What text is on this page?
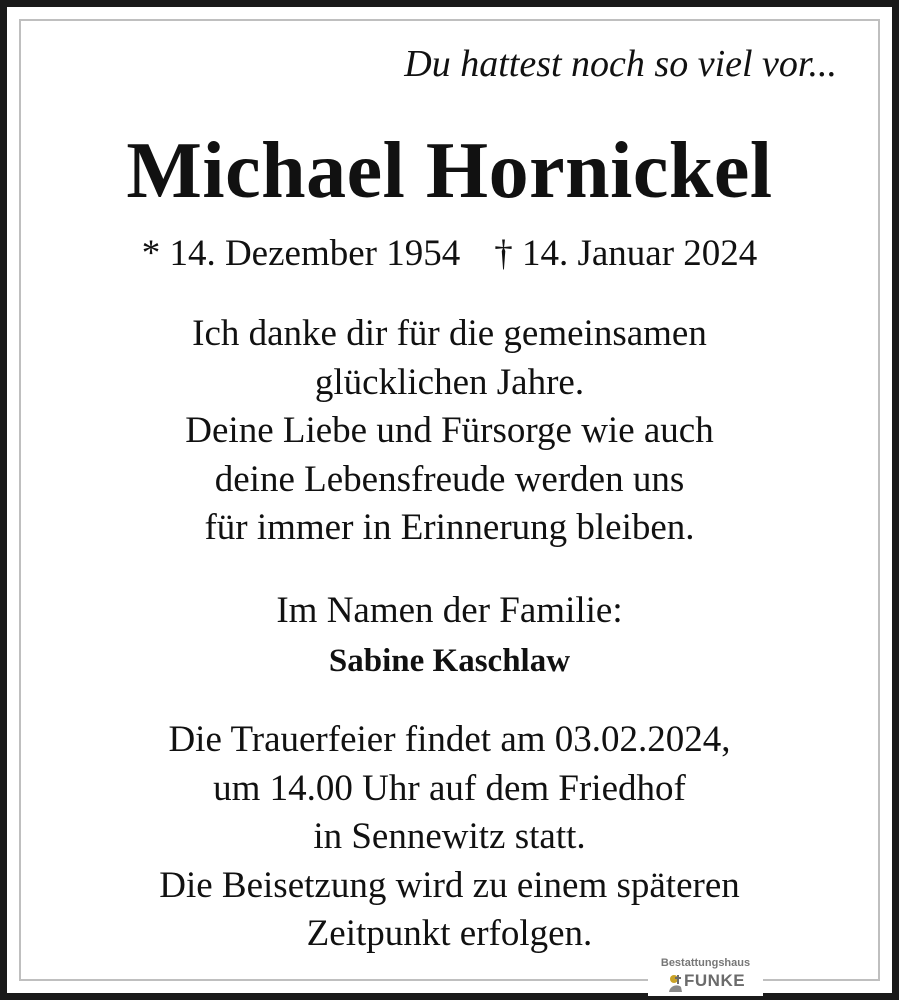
Du hattest noch so viel vor...

Michael Hornickel

* 14. Dezember 1954 † 14. Januar 2024

Ich danke dir für die gemeinsamen
glücklichen Jahre.
Deine Liebe und Fürsorge wie auch
deine Lebensfreude werden uns
für immer in Erinnerung bleiben.

Im Namen der Familie:

Sabine Kaschlaw

Die Trauerfeier findet am 03.02.2024,
um 14.00 Uhr auf dem Friedhof
in Sennewitz statt.
Die Beisetzung wird zu einem späteren
Zeitpunkt erfolgen.
Bestattungshaus
FUNKE
